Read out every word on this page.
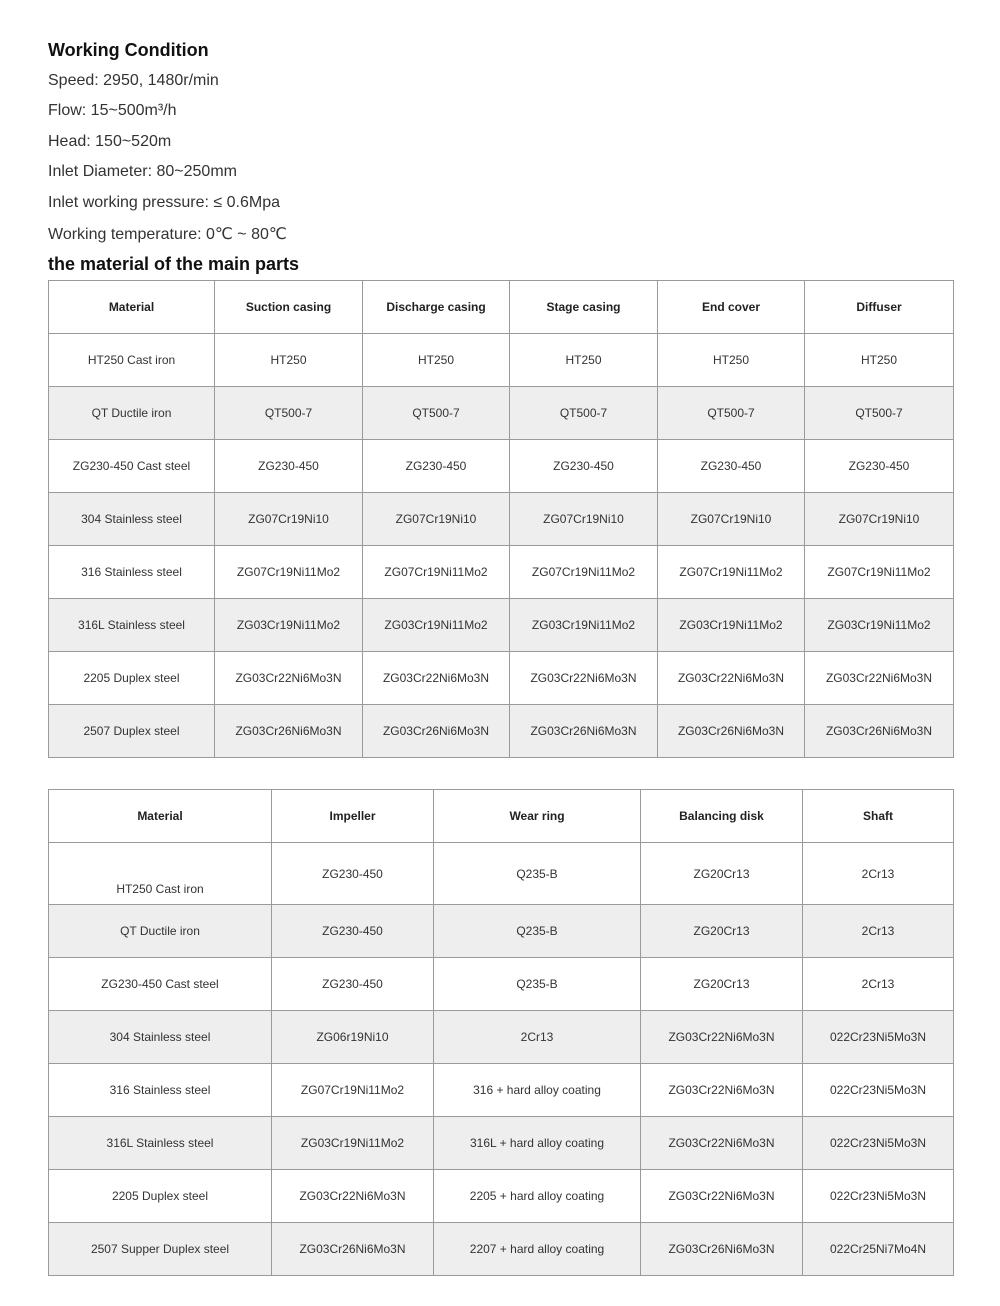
Working Condition
Speed: 2950, 1480r/min
Flow: 15~500m³/h
Head: 150~520m
Inlet Diameter: 80~250mm
Inlet working pressure: ≤ 0.6Mpa
Working temperature: 0℃ ~ 80℃
the material of the main parts
Material	Suction casing	Discharge casing	Stage casing	End cover	Diffuser
HT250 Cast iron	HT250	HT250	HT250	HT250	HT250
QT Ductile iron	QT500-7	QT500-7	QT500-7	QT500-7	QT500-7
ZG230-450 Cast steel	ZG230-450	ZG230-450	ZG230-450	ZG230-450	ZG230-450
304 Stainless steel	ZG07Cr19Ni10	ZG07Cr19Ni10	ZG07Cr19Ni10	ZG07Cr19Ni10	ZG07Cr19Ni10
316 Stainless steel	ZG07Cr19Ni11Mo2	ZG07Cr19Ni11Mo2	ZG07Cr19Ni11Mo2	ZG07Cr19Ni11Mo2	ZG07Cr19Ni11Mo2
316L Stainless steel	ZG03Cr19Ni11Mo2	ZG03Cr19Ni11Mo2	ZG03Cr19Ni11Mo2	ZG03Cr19Ni11Mo2	ZG03Cr19Ni11Mo2
2205 Duplex steel	ZG03Cr22Ni6Mo3N	ZG03Cr22Ni6Mo3N	ZG03Cr22Ni6Mo3N	ZG03Cr22Ni6Mo3N	ZG03Cr22Ni6Mo3N
2507 Duplex steel	ZG03Cr26Ni6Mo3N	ZG03Cr26Ni6Mo3N	ZG03Cr26Ni6Mo3N	ZG03Cr26Ni6Mo3N	ZG03Cr26Ni6Mo3N
Material	Impeller	Wear ring	Balancing disk	Shaft
HT250 Cast iron	ZG230-450	Q235-B	ZG20Cr13	2Cr13
QT Ductile iron	ZG230-450	Q235-B	ZG20Cr13	2Cr13
ZG230-450 Cast steel	ZG230-450	Q235-B	ZG20Cr13	2Cr13
304 Stainless steel	ZG06r19Ni10	2Cr13	ZG03Cr22Ni6Mo3N	022Cr23Ni5Mo3N
316 Stainless steel	ZG07Cr19Ni11Mo2	316 + hard alloy coating	ZG03Cr22Ni6Mo3N	022Cr23Ni5Mo3N
316L Stainless steel	ZG03Cr19Ni11Mo2	316L + hard alloy coating	ZG03Cr22Ni6Mo3N	022Cr23Ni5Mo3N
2205 Duplex steel	ZG03Cr22Ni6Mo3N	2205 + hard alloy coating	ZG03Cr22Ni6Mo3N	022Cr23Ni5Mo3N
2507 Supper Duplex steel	ZG03Cr26Ni6Mo3N	2207 + hard alloy coating	ZG03Cr26Ni6Mo3N	022Cr25Ni7Mo4N
